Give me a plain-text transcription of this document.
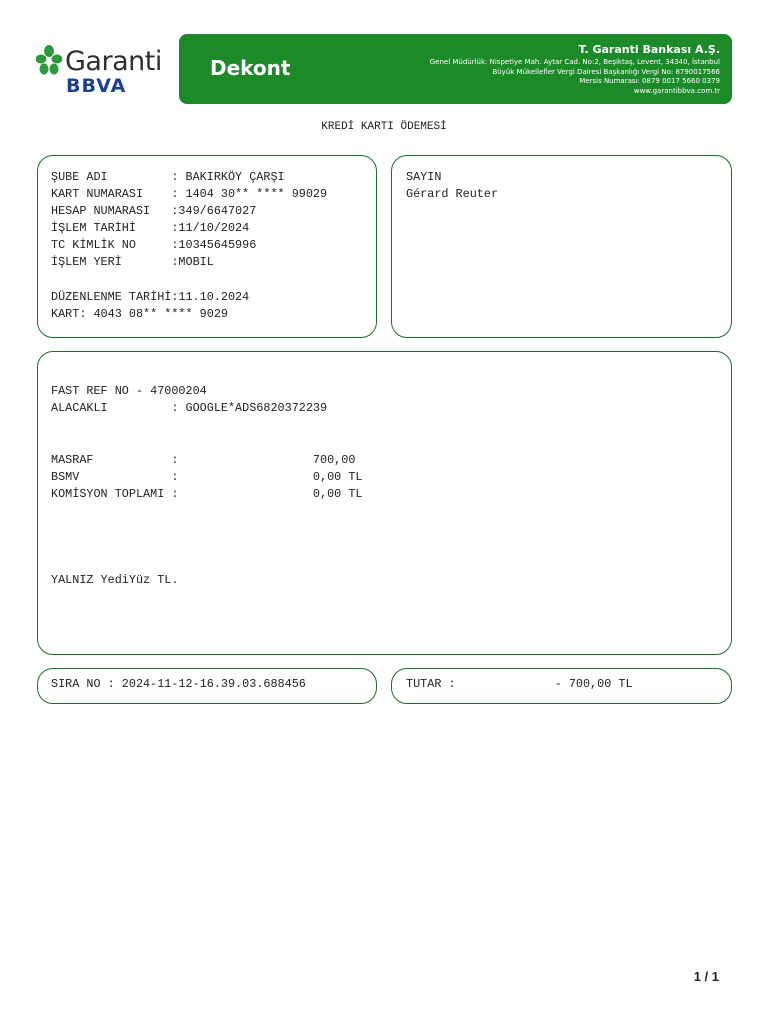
Garanti
BBVA
Dekont
T. Garanti Bankası A.Ş.
Genel Müdürlük: Nispetiye Mah. Aytar Cad. No:2, Beşiktaş, Levent, 34340, İstanbul
Büyük Mükellefler Vergi Dairesi Başkanlığı Vergi No: 8790017566
Mersis Numarası: 0879 0017 5660 0379
www.garantibbva.com.tr
KREDİ KARTI ÖDEMESİ
ŞUBE ADI         : BAKIRKÖY ÇARŞI
KART NUMARASI    : 1404 30** **** 99029
HESAP NUMARASI   :349/6647027
İŞLEM TARİHİ     :11/10/2024
TC KİMLİK NO     :10345645996
İŞLEM YERİ       :MOBIL
DÜZENLENME TARİHİ:11.10.2024
KART: 4043 08** **** 9029
SAYIN
Gérard Reuter
FAST REF NO - 47000204
ALACAKLI         : GOOGLE*ADS6820372239
MASRAF           :                   700,00
BSMV             :                   0,00 TL
KOMİSYON TOPLAMI :                   0,00 TL
YALNIZ YediYüz TL.
SIRA NO : 2024-11-12-16.39.03.688456	TUTAR :              - 700,00 TL
1 / 1
